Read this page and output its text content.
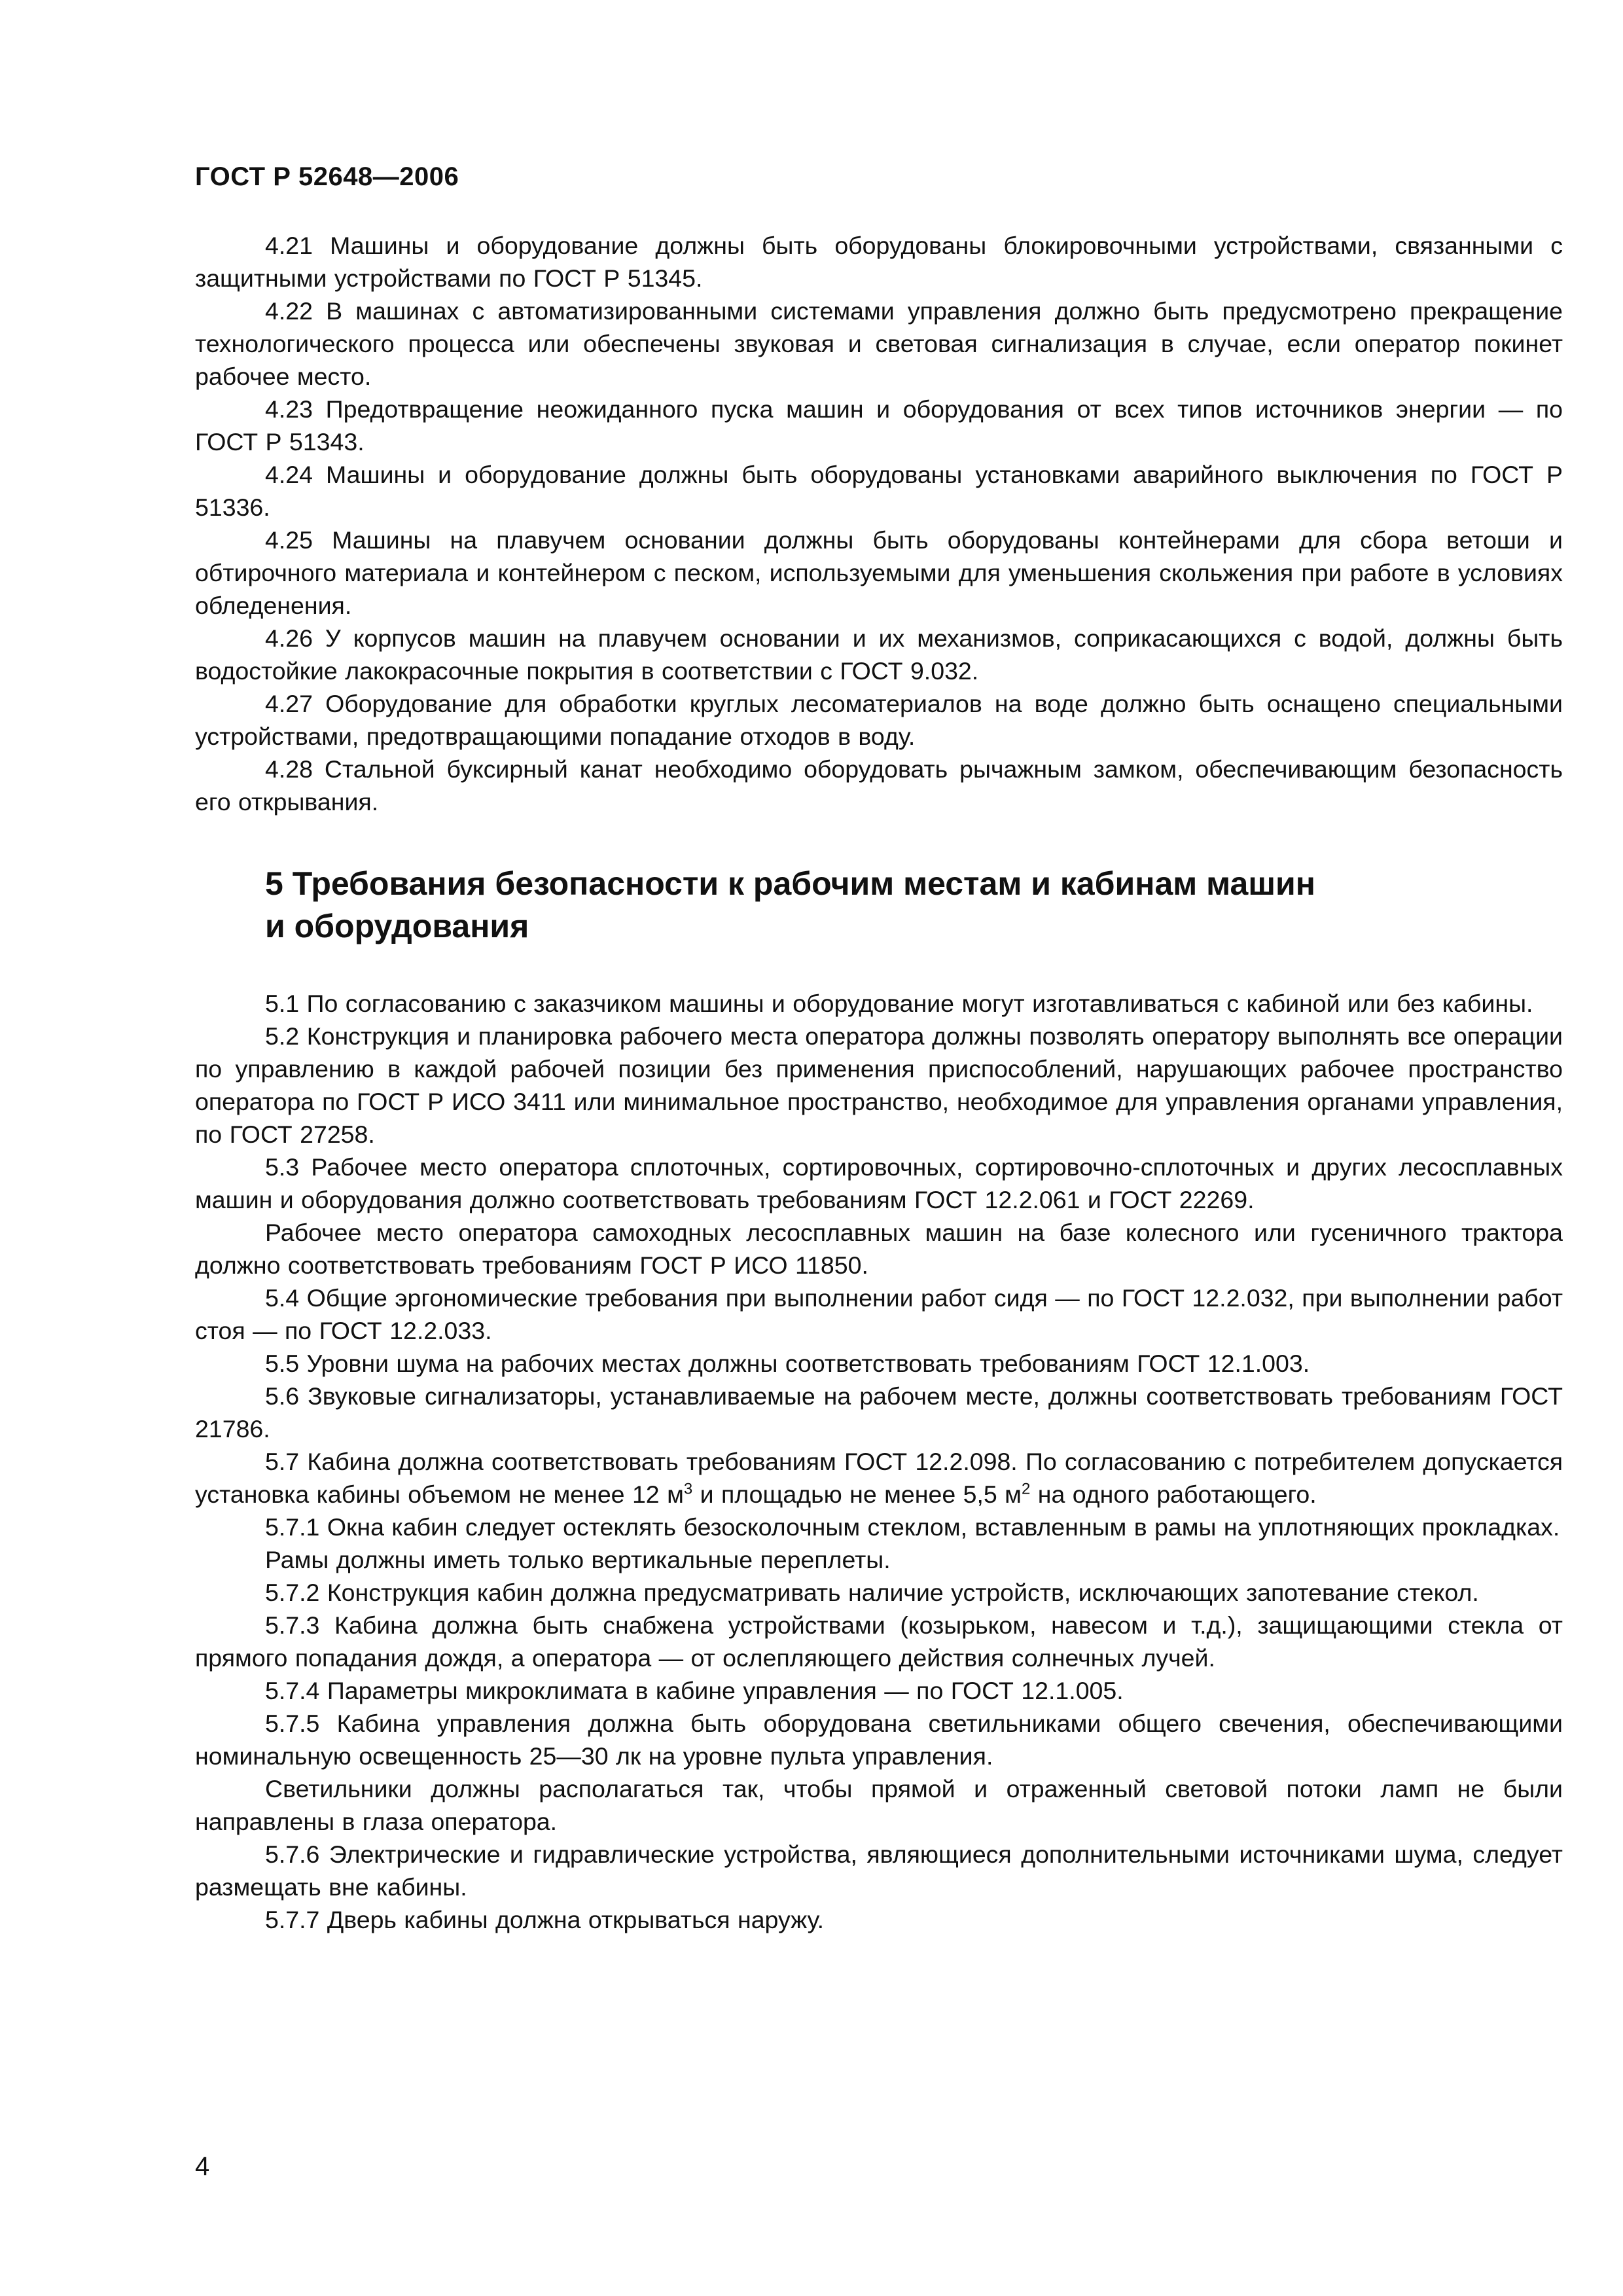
ГОСТ Р 52648—2006

4.21 Машины и оборудование должны быть оборудованы блокировочными устройствами, связанными с защитными устройствами по ГОСТ Р 51345.

4.22 В машинах с автоматизированными системами управления должно быть предусмотрено прекращение технологического процесса или обеспечены звуковая и световая сигнализация в случае, если оператор покинет рабочее место.

4.23 Предотвращение неожиданного пуска машин и оборудования от всех типов источников энергии — по ГОСТ Р 51343.

4.24 Машины и оборудование должны быть оборудованы установками аварийного выключения по ГОСТ Р 51336.

4.25 Машины на плавучем основании должны быть оборудованы контейнерами для сбора ветоши и обтирочного материала и контейнером с песком, используемыми для уменьшения скольжения при работе в условиях обледенения.

4.26 У корпусов машин на плавучем основании и их механизмов, соприкасающихся с водой, должны быть водостойкие лакокрасочные покрытия в соответствии с ГОСТ 9.032.

4.27 Оборудование для обработки круглых лесоматериалов на воде должно быть оснащено специальными устройствами, предотвращающими попадание отходов в воду.

4.28 Стальной буксирный канат необходимо оборудовать рычажным замком, обеспечивающим безопасность его открывания.

5 Требования безопасности к рабочим местам и кабинам машин
и оборудования

5.1 По согласованию с заказчиком машины и оборудование могут изготавливаться с кабиной или без кабины.

5.2 Конструкция и планировка рабочего места оператора должны позволять оператору выполнять все операции по управлению в каждой рабочей позиции без применения приспособлений, нарушающих рабочее пространство оператора по ГОСТ Р ИСО 3411 или минимальное пространство, необходимое для управления органами управления, по ГОСТ 27258.

5.3 Рабочее место оператора сплоточных, сортировочных, сортировочно-сплоточных и других лесосплавных машин и оборудования должно соответствовать требованиям ГОСТ 12.2.061 и ГОСТ 22269.

Рабочее место оператора самоходных лесосплавных машин на базе колесного или гусеничного трактора должно соответствовать требованиям ГОСТ Р ИСО 11850.

5.4 Общие эргономические требования при выполнении работ сидя — по ГОСТ 12.2.032, при выполнении работ стоя — по ГОСТ 12.2.033.

5.5 Уровни шума на рабочих местах должны соответствовать требованиям ГОСТ 12.1.003.

5.6 Звуковые сигнализаторы, устанавливаемые на рабочем месте, должны соответствовать требованиям ГОСТ 21786.

5.7 Кабина должна соответствовать требованиям ГОСТ 12.2.098. По согласованию с потребителем допускается установка кабины объемом не менее 12 $м^3$ и площадью не менее 5,5 $м^2$ на одного работающего.

5.7.1 Окна кабин следует остеклять безосколочным стеклом, вставленным в рамы на уплотняющих прокладках.

Рамы должны иметь только вертикальные переплеты.

5.7.2 Конструкция кабин должна предусматривать наличие устройств, исключающих запотевание стекол.

5.7.3 Кабина должна быть снабжена устройствами (козырьком, навесом и т.д.), защищающими стекла от прямого попадания дождя, а оператора — от ослепляющего действия солнечных лучей.

5.7.4 Параметры микроклимата в кабине управления — по ГОСТ 12.1.005.

5.7.5 Кабина управления должна быть оборудована светильниками общего свечения, обеспечивающими номинальную освещенность 25—30 лк на уровне пульта управления.

Светильники должны располагаться так, чтобы прямой и отраженный световой потоки ламп не были направлены в глаза оператора.

5.7.6 Электрические и гидравлические устройства, являющиеся дополнительными источниками шума, следует размещать вне кабины.

5.7.7 Дверь кабины должна открываться наружу.

4
